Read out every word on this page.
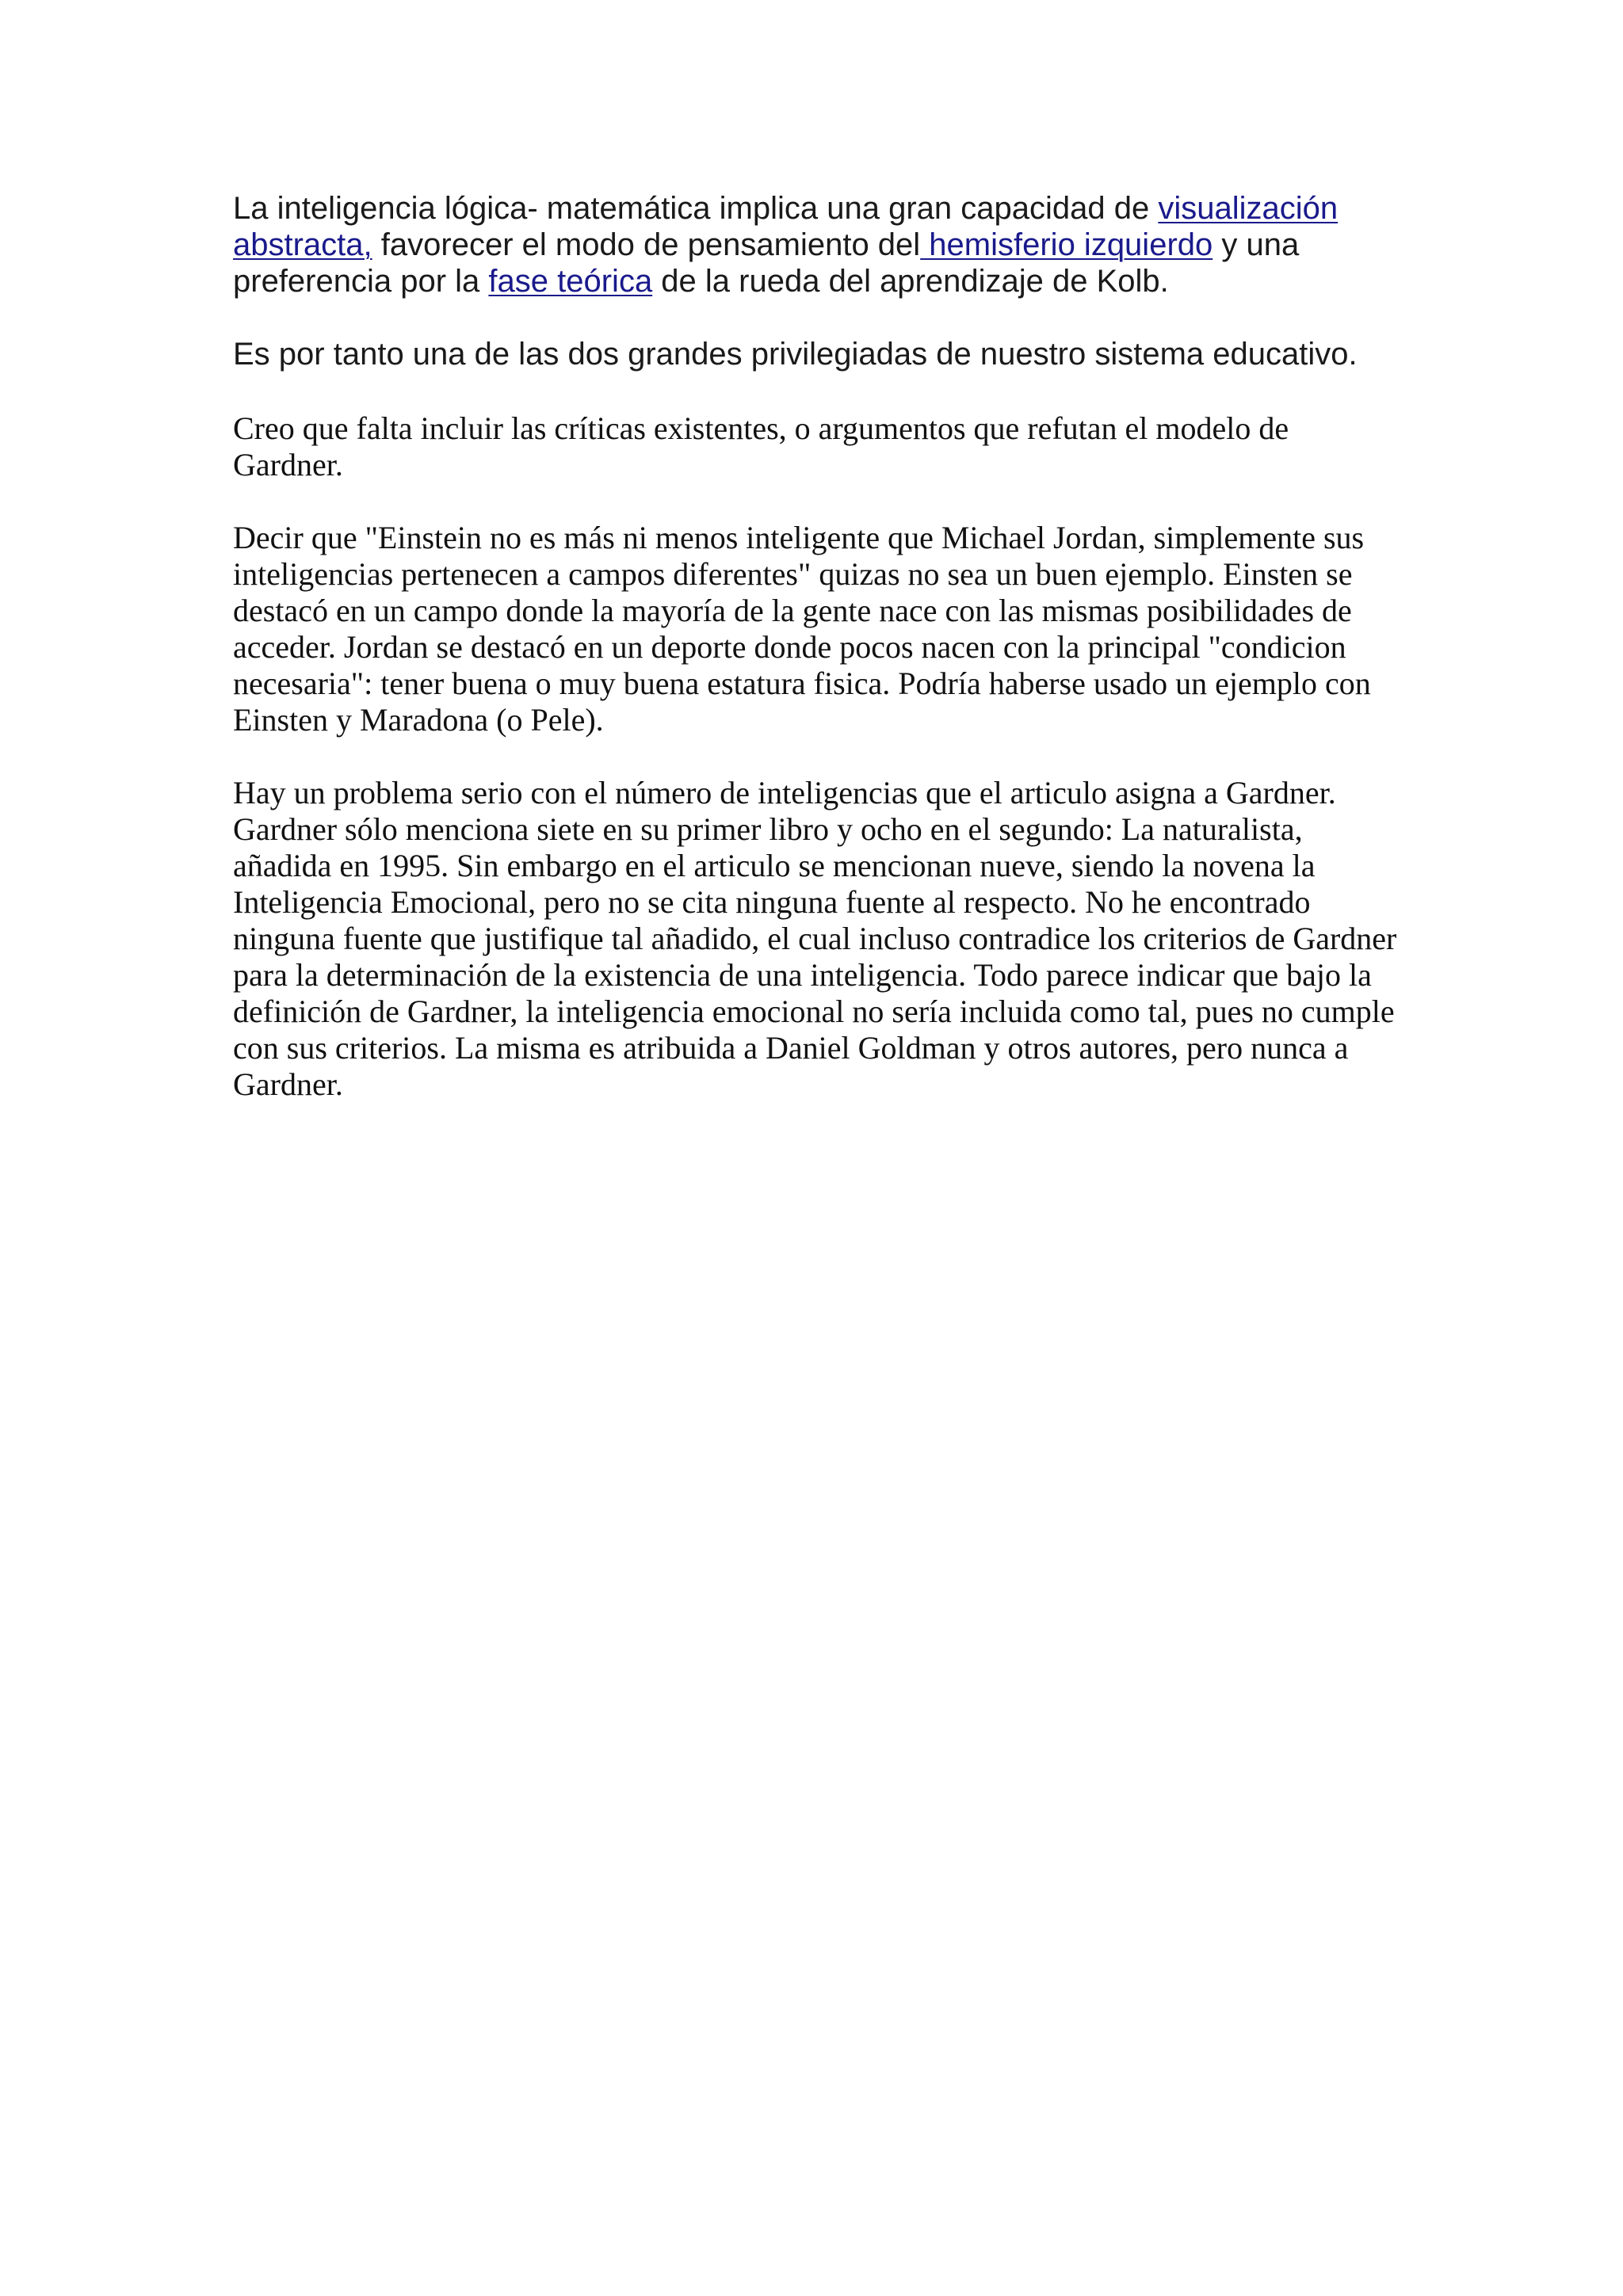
La inteligencia lógica- matemática implica una gran capacidad de visualización abstracta, favorecer el modo de pensamiento del hemisferio izquierdo y una preferencia por la fase teórica de la rueda del aprendizaje de Kolb.

Es por tanto una de las dos grandes privilegiadas de nuestro sistema educativo.

Creo que falta incluir las críticas existentes, o argumentos que refutan el modelo de Gardner.

Decir que "Einstein no es más ni menos inteligente que Michael Jordan, simplemente sus inteligencias pertenecen a campos diferentes" quizas no sea un buen ejemplo. Einsten se destacó en un campo donde la mayoría de la gente nace con las mismas posibilidades de acceder. Jordan se destacó en un deporte donde pocos nacen con la principal "condicion necesaria": tener buena o muy buena estatura fisica. Podría haberse usado un ejemplo con Einsten y Maradona (o Pele).

Hay un problema serio con el número de inteligencias que el articulo asigna a Gardner. Gardner sólo menciona siete en su primer libro y ocho en el segundo: La naturalista, añadida en 1995. Sin embargo en el articulo se mencionan nueve, siendo la novena la Inteligencia Emocional, pero no se cita ninguna fuente al respecto. No he encontrado ninguna fuente que justifique tal añadido, el cual incluso contradice los criterios de Gardner para la determinación de la existencia de una inteligencia. Todo parece indicar que bajo la definición de Gardner, la inteligencia emocional no sería incluida como tal, pues no cumple con sus criterios. La misma es atribuida a Daniel Goldman y otros autores, pero nunca a Gardner.
